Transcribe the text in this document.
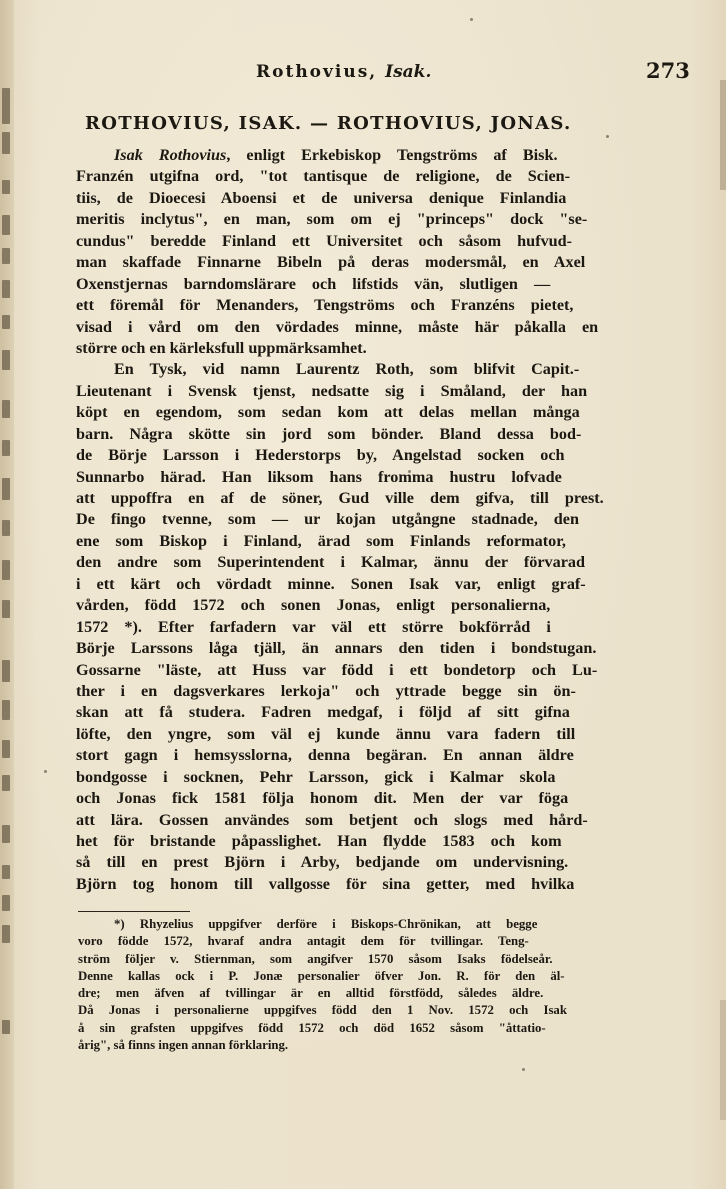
Rothovius, Isak.	273
ROTHOVIUS, ISAK. — ROTHOVIUS, JONAS.
Isak Rothovius, enligt Erkebiskop Tengströms af Bisk.
Franzén utgifna ord, "tot tantisque de religione, de Scien-
tiis, de Dioecesi Aboensi et de universa denique Finlandia
meritis inclytus", en man, som om ej "princeps" dock "se-
cundus" beredde Finland ett Universitet och såsom hufvud-
man skaffade Finnarne Bibeln på deras modersmål, en Axel
Oxenstjernas barndomslärare och lifstids vän, slutligen —
ett föremål för Menanders, Tengströms och Franzéns pietet,
visad i vård om den vördades minne, måste här påkalla en
större och en kärleksfull uppmärksamhet.
En Tysk, vid namn Laurentz Roth, som blifvit Capit.-
Lieutenant i Svensk tjenst, nedsatte sig i Småland, der han
köpt en egendom, som sedan kom att delas mellan många
barn. Några skötte sin jord som bönder. Bland dessa bod-
de Börje Larsson i Hederstorps by, Angelstad socken och
Sunnarbo härad. Han liksom hans fromma hustru lofvade
att uppoffra en af de söner, Gud ville dem gifva, till prest.
De fingo tvenne, som — ur kojan utgångne stadnade, den
ene som Biskop i Finland, ärad som Finlands reformator,
den andre som Superintendent i Kalmar, ännu der förvarad
i ett kärt och vördadt minne. Sonen Isak var, enligt graf-
vården, född 1572 och sonen Jonas, enligt personalierna,
1572 *). Efter farfadern var väl ett större bokförråd i
Börje Larssons låga tjäll, än annars den tiden i bondstugan.
Gossarne "läste, att Huss var född i ett bondetorp och Lu-
ther i en dagsverkares lerkoja" och yttrade begge sin ön-
skan att få studera. Fadren medgaf, i följd af sitt gifna
löfte, den yngre, som väl ej kunde ännu vara fadern till
stort gagn i hemsysslorna, denna begäran. En annan äldre
bondgosse i socknen, Pehr Larsson, gick i Kalmar skola
och Jonas fick 1581 följa honom dit. Men der var föga
att lära. Gossen användes som betjent och slogs med hård-
het för bristande påpasslighet. Han flydde 1583 och kom
så till en prest Björn i Arby, bedjande om undervisning.
Björn tog honom till vallgosse för sina getter, med hvilka
*) Rhyzelius uppgifver derföre i Biskops-Chrönikan, att begge
voro födde 1572, hvaraf andra antagit dem för tvillingar. Teng-
ström följer v. Stiernman, som angifver 1570 såsom Isaks födelseår.
Denne kallas ock i P. Jonæ personalier öfver Jon. R. för den äl-
dre; men äfven af tvillingar är en alltid förstfödd, således äldre.
Då Jonas i personalierne uppgifves född den 1 Nov. 1572 och Isak
å sin grafsten uppgifves född 1572 och död 1652 såsom "åttatio-
årig", så finns ingen annan förklaring.
